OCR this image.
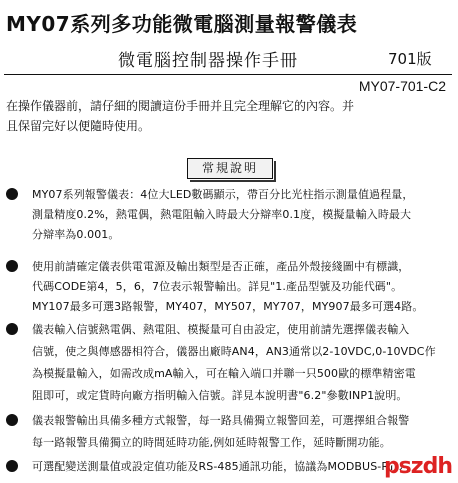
MY07系列多功能微電腦測量報警儀表
微電腦控制器操作手冊	701版
MY07-701-C2
在操作儀器前，請仔細的閱讀這份手冊并且完全理解它的內容。并
且保留完好以便隨時使用。
常規說明
MY07系列報警儀表：4位大LED數碼顯示，帶百分比光柱指示測量值過程量，
測量精度0.2%，熱電偶，熱電阻輸入時最大分辯率0.1度，模擬量輸入時最大
分辯率為0.001。
使用前請確定儀表供電電源及輸出類型是否正確，產品外殼接綫圖中有標識，
代碼CODE第4，5，6，7位表示報警輸出。詳見"1.產品型號及功能代碼"。
MY107最多可選3路報警，MY407，MY507，MY707，MY907最多可選4路。
儀表輸入信號熱電偶、熱電阻、模擬量可自由設定，使用前請先選擇儀表輸入
信號，使之與傳感器相符合，儀器出廠時AN4，AN3通常以2-10VDC,0-10VDC作
為模擬量輸入，如需改成mA輸入，可在輸入端口并聯一只500歐的標準精密電
阻即可，或定貨時向廠方指明輸入信號。詳見本說明書"6.2"參數INP1說明。
儀表報警輸出具備多種方式報警，每一路具備獨立報警回差，可選擇組合報警
每一路報警具備獨立的時間延時功能,例如延時報警工作，延時斷開功能。
可選配變送測量值或設定值功能及RS-485通訊功能，協議為MODBUS-RTU
pszdh
